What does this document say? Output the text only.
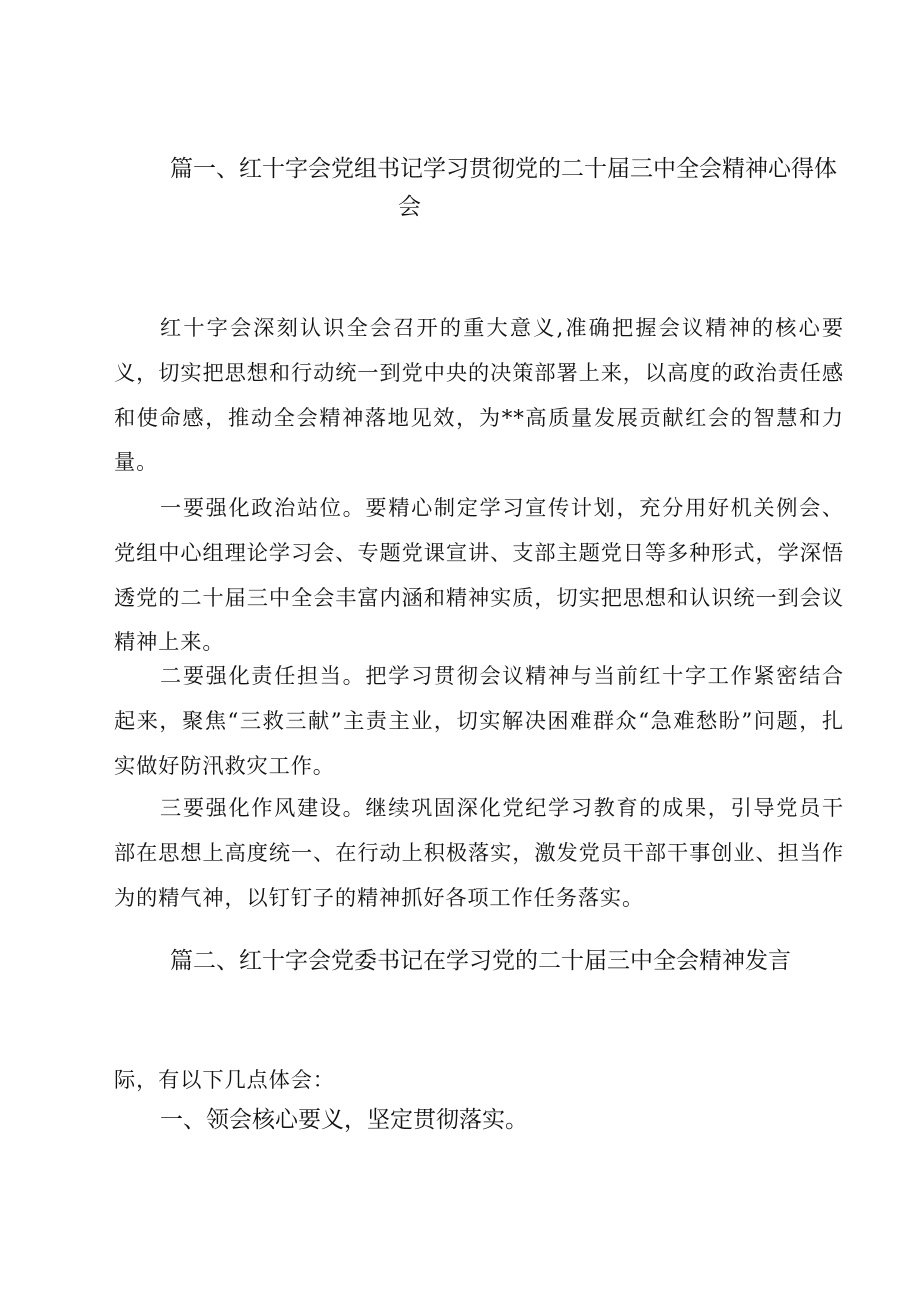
篇一、红十字会党组书记学习贯彻党的二十届三中全会精神心得体
会

红十字会深刻认识全会召开的重大意义,准确把握会议精神的核心要义，切实把思想和行动统一到党中央的决策部署上来，以高度的政治责任感和使命感，推动全会精神落地见效，为**高质量发展贡献红会的智慧和力量。

一要强化政治站位。要精心制定学习宣传计划，充分用好机关例会、党组中心组理论学习会、专题党课宣讲、支部主题党日等多种形式，学深悟透党的二十届三中全会丰富内涵和精神实质，切实把思想和认识统一到会议精神上来。

二要强化责任担当。把学习贯彻会议精神与当前红十字工作紧密结合起来，聚焦“三救三献”主责主业，切实解决困难群众“急难愁盼”问题，扎实做好防汛救灾工作。

三要强化作风建设。继续巩固深化党纪学习教育的成果，引导党员干部在思想上高度统一、在行动上积极落实，激发党员干部干事创业、担当作为的精气神，以钉钉子的精神抓好各项工作任务落实。

篇二、红十字会党委书记在学习党的二十届三中全会精神发言

际，有以下几点体会：

一、领会核心要义，坚定贯彻落实。
